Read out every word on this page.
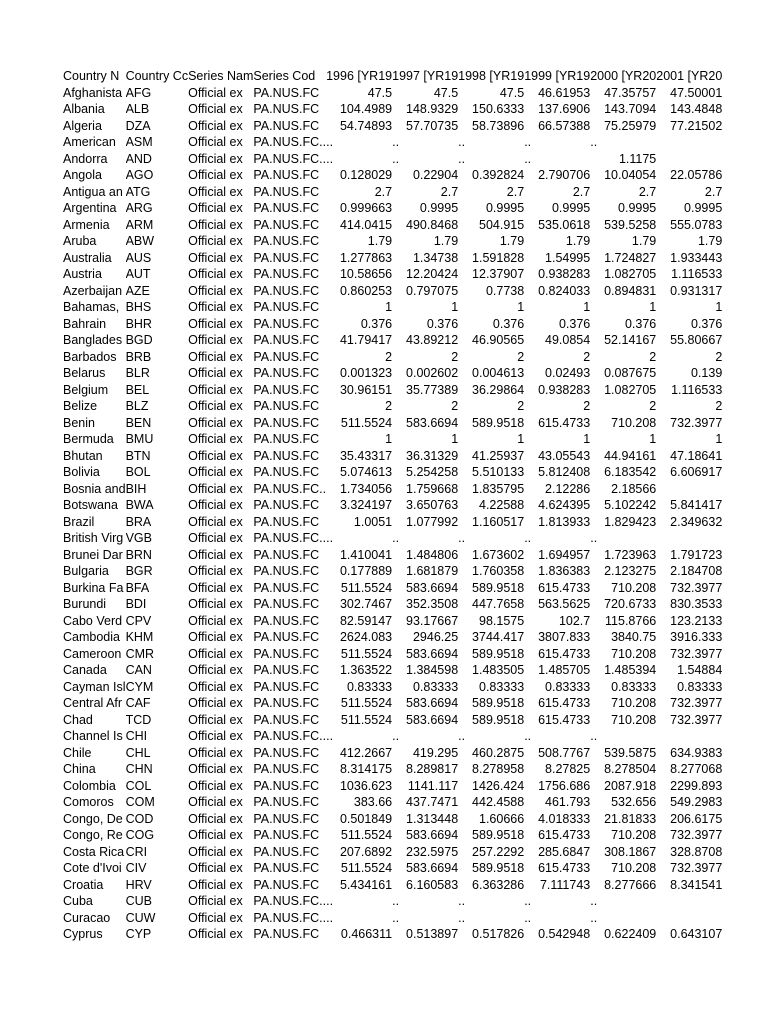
Country N	Country Cc	Series Nam	Series Cod	1996 [YR19	1997 [YR19	1998 [YR19	1999 [YR19	2000 [YR20	2001 [YR20
Afghanista	AFG	Official ex	PA.NUS.FC	47.5	47.5	47.5	46.61953	47.35757	47.50001
Albania	ALB	Official ex	PA.NUS.FC	104.4989	148.9329	150.6333	137.6906	143.7094	143.4848
Algeria	DZA	Official ex	PA.NUS.FC	54.74893	57.70735	58.73896	66.57388	75.25979	77.21502
American	ASM	Official ex	PA.NUS.FC..	..	..	..	..	..	
Andorra	AND	Official ex	PA.NUS.FC..	..	..	..	..	1.1175	
Angola	AGO	Official ex	PA.NUS.FC	0.128029	0.22904	0.392824	2.790706	10.04054	22.05786
Antigua an	ATG	Official ex	PA.NUS.FC	2.7	2.7	2.7	2.7	2.7	2.7
Argentina	ARG	Official ex	PA.NUS.FC	0.999663	0.9995	0.9995	0.9995	0.9995	0.9995
Armenia	ARM	Official ex	PA.NUS.FC	414.0415	490.8468	504.915	535.0618	539.5258	555.0783
Aruba	ABW	Official ex	PA.NUS.FC	1.79	1.79	1.79	1.79	1.79	1.79
Australia	AUS	Official ex	PA.NUS.FC	1.277863	1.34738	1.591828	1.54995	1.724827	1.933443
Austria	AUT	Official ex	PA.NUS.FC	10.58656	12.20424	12.37907	0.938283	1.082705	1.116533
Azerbaijan	AZE	Official ex	PA.NUS.FC	0.860253	0.797075	0.7738	0.824033	0.894831	0.931317
Bahamas,	BHS	Official ex	PA.NUS.FC	1	1	1	1	1	1
Bahrain	BHR	Official ex	PA.NUS.FC	0.376	0.376	0.376	0.376	0.376	0.376
Banglades	BGD	Official ex	PA.NUS.FC	41.79417	43.89212	46.90565	49.0854	52.14167	55.80667
Barbados	BRB	Official ex	PA.NUS.FC	2	2	2	2	2	2
Belarus	BLR	Official ex	PA.NUS.FC	0.001323	0.002602	0.004613	0.02493	0.087675	0.139
Belgium	BEL	Official ex	PA.NUS.FC	30.96151	35.77389	36.29864	0.938283	1.082705	1.116533
Belize	BLZ	Official ex	PA.NUS.FC	2	2	2	2	2	2
Benin	BEN	Official ex	PA.NUS.FC	511.5524	583.6694	589.9518	615.4733	710.208	732.3977
Bermuda	BMU	Official ex	PA.NUS.FC	1	1	1	1	1	1
Bhutan	BTN	Official ex	PA.NUS.FC	35.43317	36.31329	41.25937	43.05543	44.94161	47.18641
Bolivia	BOL	Official ex	PA.NUS.FC	5.074613	5.254258	5.510133	5.812408	6.183542	6.606917
Bosnia and	BIH	Official ex	PA.NUS.FC..	1.734056	1.759668	1.835795	2.12286	2.18566	
Botswana	BWA	Official ex	PA.NUS.FC	3.324197	3.650763	4.22588	4.624395	5.102242	5.841417
Brazil	BRA	Official ex	PA.NUS.FC	1.0051	1.077992	1.160517	1.813933	1.829423	2.349632
British Virg	VGB	Official ex	PA.NUS.FC..	..	..	..	..	..	
Brunei Dar	BRN	Official ex	PA.NUS.FC	1.410041	1.484806	1.673602	1.694957	1.723963	1.791723
Bulgaria	BGR	Official ex	PA.NUS.FC	0.177889	1.681879	1.760358	1.836383	2.123275	2.184708
Burkina Fa	BFA	Official ex	PA.NUS.FC	511.5524	583.6694	589.9518	615.4733	710.208	732.3977
Burundi	BDI	Official ex	PA.NUS.FC	302.7467	352.3508	447.7658	563.5625	720.6733	830.3533
Cabo Verd	CPV	Official ex	PA.NUS.FC	82.59147	93.17667	98.1575	102.7	115.8766	123.2133
Cambodia	KHM	Official ex	PA.NUS.FC	2624.083	2946.25	3744.417	3807.833	3840.75	3916.333
Cameroon	CMR	Official ex	PA.NUS.FC	511.5524	583.6694	589.9518	615.4733	710.208	732.3977
Canada	CAN	Official ex	PA.NUS.FC	1.363522	1.384598	1.483505	1.485705	1.485394	1.54884
Cayman Isl	CYM	Official ex	PA.NUS.FC	0.83333	0.83333	0.83333	0.83333	0.83333	0.83333
Central Afr	CAF	Official ex	PA.NUS.FC	511.5524	583.6694	589.9518	615.4733	710.208	732.3977
Chad	TCD	Official ex	PA.NUS.FC	511.5524	583.6694	589.9518	615.4733	710.208	732.3977
Channel Is	CHI	Official ex	PA.NUS.FC..	..	..	..	..	..	
Chile	CHL	Official ex	PA.NUS.FC	412.2667	419.295	460.2875	508.7767	539.5875	634.9383
China	CHN	Official ex	PA.NUS.FC	8.314175	8.289817	8.278958	8.27825	8.278504	8.277068
Colombia	COL	Official ex	PA.NUS.FC	1036.623	1141.117	1426.424	1756.686	2087.918	2299.893
Comoros	COM	Official ex	PA.NUS.FC	383.66	437.7471	442.4588	461.793	532.656	549.2983
Congo, De	COD	Official ex	PA.NUS.FC	0.501849	1.313448	1.60666	4.018333	21.81833	206.6175
Congo, Re	COG	Official ex	PA.NUS.FC	511.5524	583.6694	589.9518	615.4733	710.208	732.3977
Costa Rica	CRI	Official ex	PA.NUS.FC	207.6892	232.5975	257.2292	285.6847	308.1867	328.8708
Cote d'Ivoi	CIV	Official ex	PA.NUS.FC	511.5524	583.6694	589.9518	615.4733	710.208	732.3977
Croatia	HRV	Official ex	PA.NUS.FC	5.434161	6.160583	6.363286	7.111743	8.277666	8.341541
Cuba	CUB	Official ex	PA.NUS.FC..	..	..	..	..	..	
Curacao	CUW	Official ex	PA.NUS.FC..	..	..	..	..	..	
Cyprus	CYP	Official ex	PA.NUS.FC	0.466311	0.513897	0.517826	0.542948	0.622409	0.643107
